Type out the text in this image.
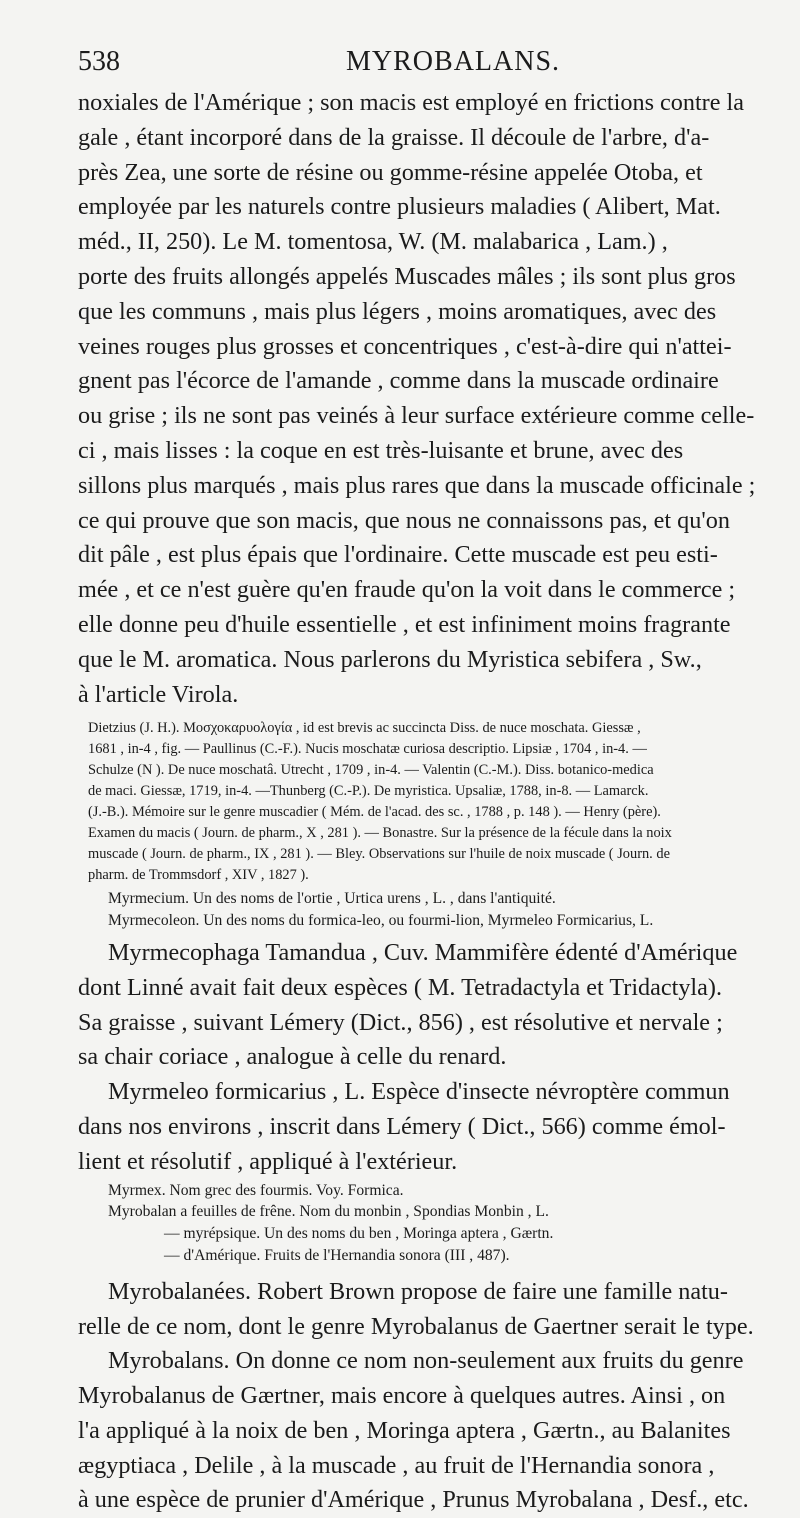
538	MYROBALANS.

noxiales de l'Amérique ; son macis est employé en frictions contre la
gale , étant incorporé dans de la graisse. Il découle de l'arbre, d'a-
près Zea, une sorte de résine ou gomme-résine appelée Otoba, et
employée par les naturels contre plusieurs maladies ( Alibert, Mat.
méd., II, 250). Le M. tomentosa, W. (M. malabarica , Lam.) ,
porte des fruits allongés appelés Muscades mâles ; ils sont plus gros
que les communs , mais plus légers , moins aromatiques, avec des
veines rouges plus grosses et concentriques , c'est-à-dire qui n'attei-
gnent pas l'écorce de l'amande , comme dans la muscade ordinaire
ou grise ; ils ne sont pas veinés à leur surface extérieure comme celle-
ci , mais lisses : la coque en est très-luisante et brune, avec des
sillons plus marqués , mais plus rares que dans la muscade officinale ;
ce qui prouve que son macis, que nous ne connaissons pas, et qu'on
dit pâle , est plus épais que l'ordinaire. Cette muscade est peu esti-
mée , et ce n'est guère qu'en fraude qu'on la voit dans le commerce ;
elle donne peu d'huile essentielle , et est infiniment moins fragrante
que le M. aromatica. Nous parlerons du Myristica sebifera , Sw.,
à l'article Virola.

Dietzius (J. H.). Μοσχοκαρυολογία , id est brevis ac succincta Diss. de nuce moschata. Giessæ ,
1681 , in-4 , fig. — Paullinus (C.-F.). Nucis moschatæ curiosa descriptio. Lipsiæ , 1704 , in-4. —
Schulze (N ). De nuce moschatâ. Utrecht , 1709 , in-4. — Valentin (C.-M.). Diss. botanico-medica
de maci. Giessæ, 1719, in-4. —Thunberg (C.-P.). De myristica. Upsaliæ, 1788, in-8. — Lamarck.
(J.-B.). Mémoire sur le genre muscadier ( Mém. de l'acad. des sc. , 1788 , p. 148 ). — Henry (père).
Examen du macis ( Journ. de pharm., X , 281 ). — Bonastre. Sur la présence de la fécule dans la noix
muscade ( Journ. de pharm., IX , 281 ). — Bley. Observations sur l'huile de noix muscade ( Journ. de
pharm. de Trommsdorf , XIV , 1827 ).
Myrmecium. Un des noms de l'ortie , Urtica urens , L. , dans l'antiquité.
Myrmecoleon. Un des noms du formica-leo, ou fourmi-lion, Myrmeleo Formicarius, L.
Myrmecophaga Tamandua , Cuv. Mammifère édenté d'Amérique
dont Linné avait fait deux espèces ( M. Tetradactyla et Tridactyla).
Sa graisse , suivant Lémery (Dict., 856) , est résolutive et nervale ;
sa chair coriace , analogue à celle du renard.
Myrmeleo formicarius , L. Espèce d'insecte névroptère commun
dans nos environs , inscrit dans Lémery ( Dict., 566) comme émol-
lient et résolutif , appliqué à l'extérieur.
Myrmex. Nom grec des fourmis. Voy. Formica.
Myrobalan a feuilles de frêne. Nom du monbin , Spondias Monbin , L.
— myrépsique. Un des noms du ben , Moringa aptera , Gærtn.
— d'Amérique. Fruits de l'Hernandia sonora (III , 487).
Myrobalanées. Robert Brown propose de faire une famille natu-
relle de ce nom, dont le genre Myrobalanus de Gaertner serait le type.
Myrobalans. On donne ce nom non-seulement aux fruits du genre
Myrobalanus de Gærtner, mais encore à quelques autres. Ainsi , on
l'a appliqué à la noix de ben , Moringa aptera , Gærtn., au Balanites
ægyptiaca , Delile , à la muscade , au fruit de l'Hernandia sonora ,
à une espèce de prunier d'Amérique , Prunus Myrobalana , Desf., etc.
